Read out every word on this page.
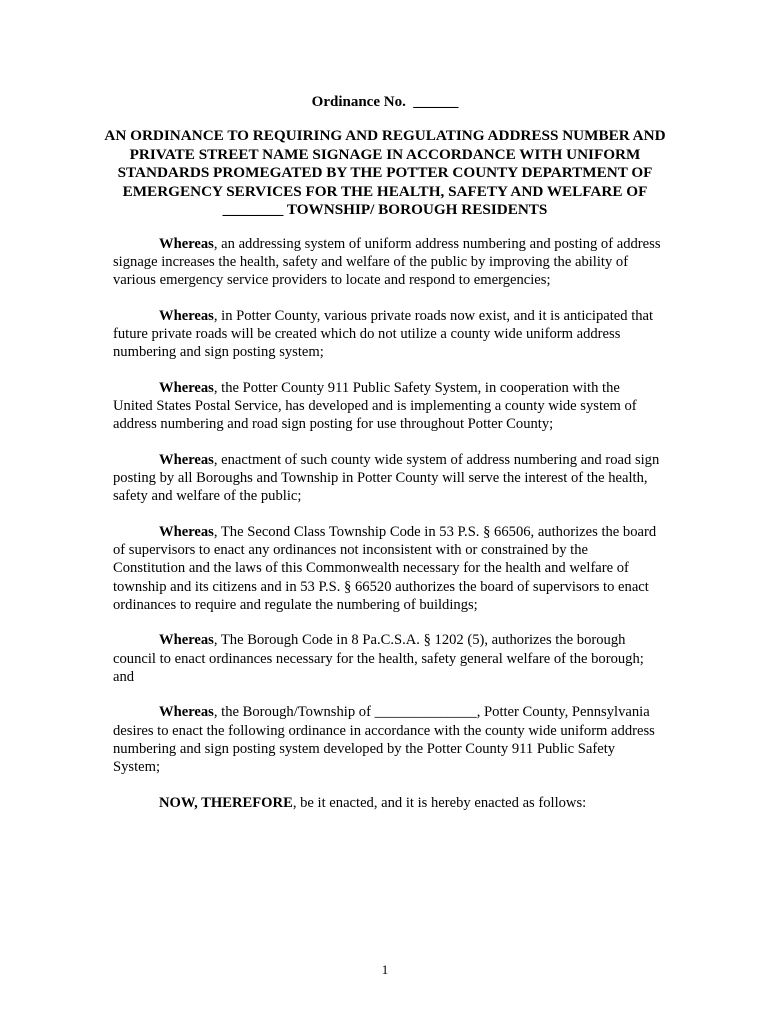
Ordinance No. ______
AN ORDINANCE TO REQUIRING AND REGULATING ADDRESS NUMBER AND PRIVATE STREET NAME SIGNAGE IN ACCORDANCE WITH UNIFORM STANDARDS PROMEGATED BY THE POTTER COUNTY DEPARTMENT OF EMERGENCY SERVICES FOR THE HEALTH, SAFETY AND WELFARE OF ________ TOWNSHIP/ BOROUGH RESIDENTS

Whereas, an addressing system of uniform address numbering and posting of address signage increases the health, safety and welfare of the public by improving the ability of various emergency service providers to locate and respond to emergencies;

Whereas, in Potter County, various private roads now exist, and it is anticipated that future private roads will be created which do not utilize a county wide uniform address numbering and sign posting system;

Whereas, the Potter County 911 Public Safety System, in cooperation with the United States Postal Service, has developed and is implementing a county wide system of address numbering and road sign posting for use throughout Potter County;

Whereas, enactment of such county wide system of address numbering and road sign posting by all Boroughs and Township in Potter County will serve the interest of the health, safety and welfare of the public;

Whereas, The Second Class Township Code in 53 P.S. § 66506, authorizes the board of supervisors to enact any ordinances not inconsistent with or constrained by the Constitution and the laws of this Commonwealth necessary for the health and welfare of township and its citizens and in 53 P.S. § 66520 authorizes the board of supervisors to enact ordinances to require and regulate the numbering of buildings;

Whereas, The Borough Code in 8 Pa.C.S.A. § 1202 (5), authorizes the borough council to enact ordinances necessary for the health, safety general welfare of the borough; and

Whereas, the Borough/Township of ______________, Potter County, Pennsylvania desires to enact the following ordinance in accordance with the county wide uniform address numbering and sign posting system developed by the Potter County 911 Public Safety System;

NOW, THEREFORE, be it enacted, and it is hereby enacted as follows:

1
